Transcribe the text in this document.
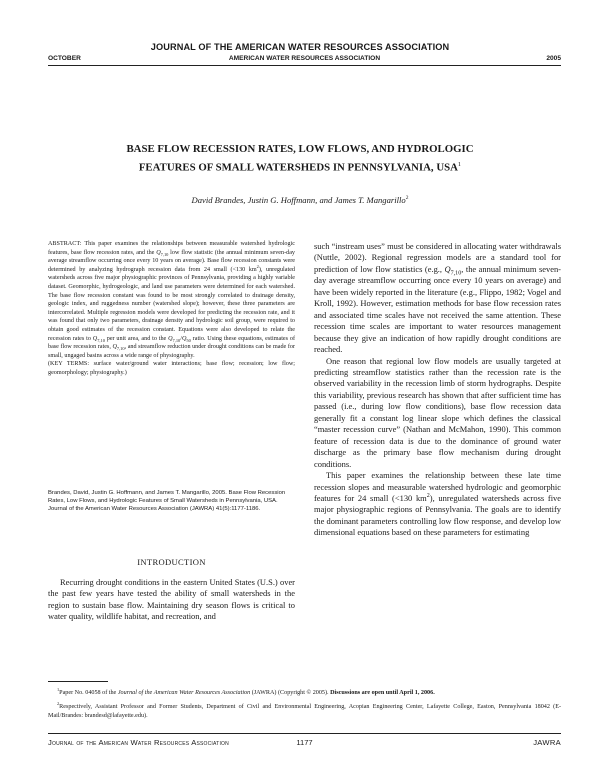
JOURNAL OF THE AMERICAN WATER RESOURCES ASSOCIATION
OCTOBER	AMERICAN WATER RESOURCES ASSOCIATION	2005
BASE FLOW RECESSION RATES, LOW FLOWS, AND HYDROLOGIC
FEATURES OF SMALL WATERSHEDS IN PENNSYLVANIA, USA$^1$
David Brandes, Justin G. Hoffmann, and James T. Mangarillo$^2$

ABSTRACT: This paper examines the relationships between measurable watershed hydrologic features, base flow recession rates, and the $Q_{7,10}$ low flow statistic (the annual minimum seven-day average streamflow occurring once every 10 years on average). Base flow recession constants were determined by analyzing hydrograph recession data from 24 small (<130 $km^2$), unregulated watersheds across five major physiographic provinces of Pennsylvania, providing a highly variable dataset. Geomorphic, hydrogeologic, and land use parameters were determined for each watershed. The base flow recession constant was found to be most strongly correlated to drainage density, geologic index, and ruggedness number (watershed slope); however, these three parameters are intercorrelated. Multiple regression models were developed for predicting the recession rate, and it was found that only two parameters, drainage density and hydrologic soil group, were required to obtain good estimates of the recession constant. Equations were also developed to relate the recession rates to $Q_{7,10}$ per unit area, and to the $Q_{7,10}/Q_{50}$ ratio. Using these equations, estimates of base flow recession rates, $Q_{7,10}$, and streamflow reduction under drought conditions can be made for small, ungaged basins across a wide range of physiography.

(KEY TERMS: surface water/ground water interactions; base flow; recession; low flow; geomorphology; physiography.)

Brandes, David, Justin G. Hoffmann, and James T. Mangarillo, 2005. Base Flow Recession Rates, Low Flows, and Hydrologic Features of Small Watersheds in Pennsylvania, USA. Journal of the American Water Resources Association (JAWRA) 41(5):1177-1186.
INTRODUCTION

Recurring drought conditions in the eastern United States (U.S.) over the past few years have tested the ability of small watersheds in the region to sustain base flow. Maintaining dry season flows is critical to water quality, wildlife habitat, and recreation, and

such “instream uses” must be considered in allocating water withdrawals (Nuttle, 2002). Regional regression models are a standard tool for prediction of low flow statistics (e.g., $Q_{7,10}$, the annual minimum seven-day average streamflow occurring once every 10 years on average) and have been widely reported in the literature (e.g., Flippo, 1982; Vogel and Kroll, 1992). However, estimation methods for base flow recession rates and associated time scales have not received the same attention. These recession time scales are important to water resources management because they give an indication of how rapidly drought conditions are reached.

One reason that regional low flow models are usually targeted at predicting streamflow statistics rather than the recession rate is the observed variability in the recession limb of storm hydrographs. Despite this variability, previous research has shown that after sufficient time has passed (i.e., during low flow conditions), base flow recession data generally fit a constant log linear slope which defines the classical “master recession curve” (Nathan and McMahon, 1990). This common feature of recession data is due to the dominance of ground water discharge as the primary base flow mechanism during drought conditions.

This paper examines the relationship between these late time recession slopes and measurable watershed hydrologic and geomorphic features for 24 small (<130 $km^2$), unregulated watersheds across five major physiographic regions of Pennsylvania. The goals are to identify the dominant parameters controlling low flow response, and develop low dimensional equations based on these parameters for estimating

$^1$Paper No. 04058 of the Journal of the American Water Resources Association (JAWRA) (Copyright © 2005). Discussions are open until April 1, 2006.

$^2$Respectively, Assistant Professor and Former Students, Department of Civil and Environmental Engineering, Acopian Engineering Center, Lafayette College, Easton, Pennsylvania 18042 (E-Mail/Brandes: brandesd@lafayette.edu).

Journal of the American Water Resources Association	1177	JAWRA
